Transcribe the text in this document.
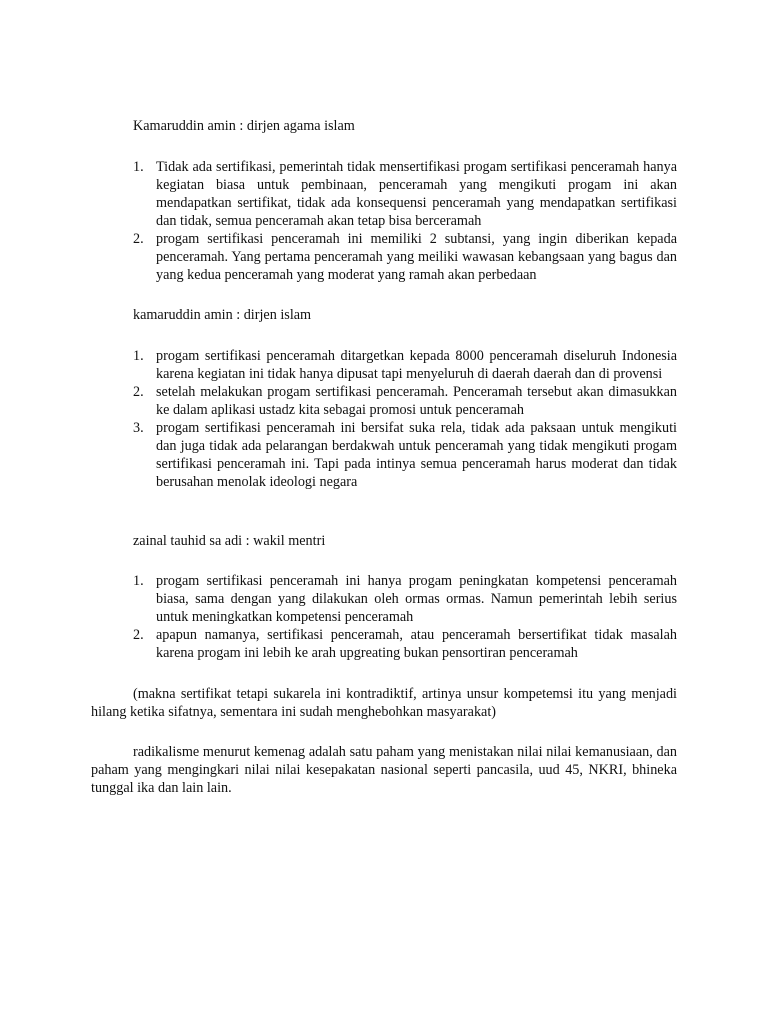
Kamaruddin amin : dirjen agama islam

1. Tidak ada sertifikasi, pemerintah tidak mensertifikasi progam sertifikasi penceramah hanya kegiatan biasa untuk pembinaan, penceramah yang mengikuti progam ini akan mendapatkan sertifikat, tidak ada konsequensi penceramah yang mendapatkan sertifikasi dan tidak, semua penceramah akan tetap bisa berceramah
2. progam sertifikasi penceramah ini memiliki 2 subtansi, yang ingin diberikan kepada penceramah. Yang pertama penceramah yang meiliki wawasan kebangsaan yang bagus dan yang kedua penceramah yang moderat yang ramah akan perbedaan

kamaruddin amin : dirjen islam

1. progam sertifikasi penceramah ditargetkan kepada 8000 penceramah diseluruh Indonesia karena kegiatan ini tidak hanya dipusat tapi menyeluruh di daerah daerah dan di provensi
2. setelah melakukan progam sertifikasi penceramah. Penceramah tersebut akan dimasukkan ke dalam aplikasi ustadz kita sebagai promosi untuk penceramah
3. progam sertifikasi penceramah ini bersifat suka rela, tidak ada paksaan untuk mengikuti dan juga tidak ada pelarangan berdakwah untuk penceramah yang tidak mengikuti progam sertifikasi penceramah ini. Tapi pada intinya semua penceramah harus moderat dan tidak berusahan menolak ideologi negara

zainal tauhid sa adi : wakil mentri

1. progam sertifikasi penceramah ini hanya progam peningkatan kompetensi penceramah biasa, sama dengan yang dilakukan oleh ormas ormas. Namun pemerintah lebih serius untuk meningkatkan kompetensi penceramah
2. apapun namanya, sertifikasi penceramah, atau penceramah bersertifikat tidak masalah karena progam ini lebih ke arah upgreating bukan pensortiran penceramah

(makna sertifikat tetapi sukarela ini kontradiktif, artinya unsur kompetemsi itu yang menjadi hilang ketika sifatnya, sementara ini sudah menghebohkan masyarakat)

radikalisme menurut kemenag adalah satu paham yang menistakan nilai nilai kemanusiaan, dan paham yang mengingkari nilai nilai kesepakatan nasional seperti pancasila, uud 45, NKRI, bhineka tunggal ika dan lain lain.
